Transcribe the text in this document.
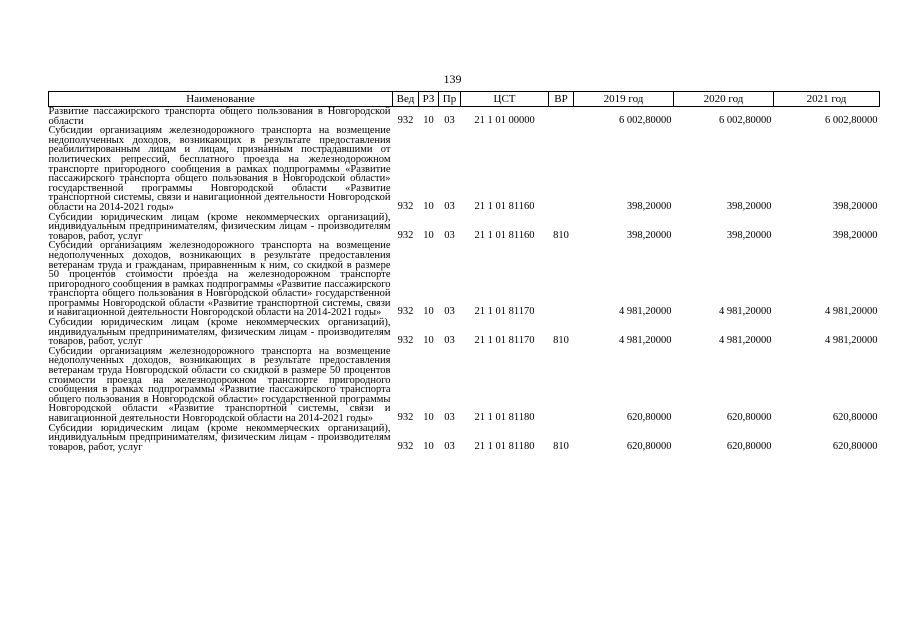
139
Наименование	Вед	РЗ	Пр	ЦСТ	ВР	2019 год	2020 год	2021 год
Развитие пассажирского транспорта общего пользования в Новгородской области	932	10	03	21 1 01 00000		6 002,80000	6 002,80000	6 002,80000
Субсидии организациям железнодорожного транспорта на возмещение недополученных доходов, возникающих в результате предоставления реабилитированным лицам и лицам, признанным пострадавшими от политических репрессий, бесплатного проезда на железнодорожном транспорте пригородного сообщения в рамках подпрограммы «Развитие пассажирского транспорта общего пользования в Новгородской области» государственной программы Новгородской области «Развитие транспортной системы, связи и навигационной деятельности Новгородской области на 2014-2021 годы»	932	10	03	21 1 01 81160		398,20000	398,20000	398,20000
Субсидии юридическим лицам (кроме некоммерческих организаций), индивидуальным предпринимателям, физическим лицам - производителям товаров, работ, услуг	932	10	03	21 1 01 81160	810	398,20000	398,20000	398,20000
Субсидии организациям железнодорожного транспорта на возмещение недополученных доходов, возникающих в результате предоставления ветеранам труда и гражданам, приравненным к ним, со скидкой в размере 50 процентов стоимости проезда на железнодорожном транспорте пригородного сообщения в рамках подпрограммы «Развитие пассажирского транспорта общего пользования в Новгородской области» государственной программы Новгородской области «Развитие транспортной системы, связи и навигационной деятельности Новгородской области на 2014-2021 годы»	932	10	03	21 1 01 81170		4 981,20000	4 981,20000	4 981,20000
Субсидии юридическим лицам (кроме некоммерческих организаций), индивидуальным предпринимателям, физическим лицам - производителям товаров, работ, услуг	932	10	03	21 1 01 81170	810	4 981,20000	4 981,20000	4 981,20000
Субсидии организациям железнодорожного транспорта на возмещение недополученных доходов, возникающих в результате предоставления ветеранам труда Новгородской области со скидкой в размере 50 процентов стоимости проезда на железнодорожном транспорте пригородного сообщения в рамках подпрограммы «Развитие пассажирского транспорта общего пользования в Новгородской области» государственной программы Новгородской области «Развитие транспортной системы, связи и навигационной деятельности Новгородской области на 2014-2021 годы»	932	10	03	21 1 01 81180		620,80000	620,80000	620,80000
Субсидии юридическим лицам (кроме некоммерческих организаций), индивидуальным предпринимателям, физическим лицам - производителям товаров, работ, услуг	932	10	03	21 1 01 81180	810	620,80000	620,80000	620,80000
